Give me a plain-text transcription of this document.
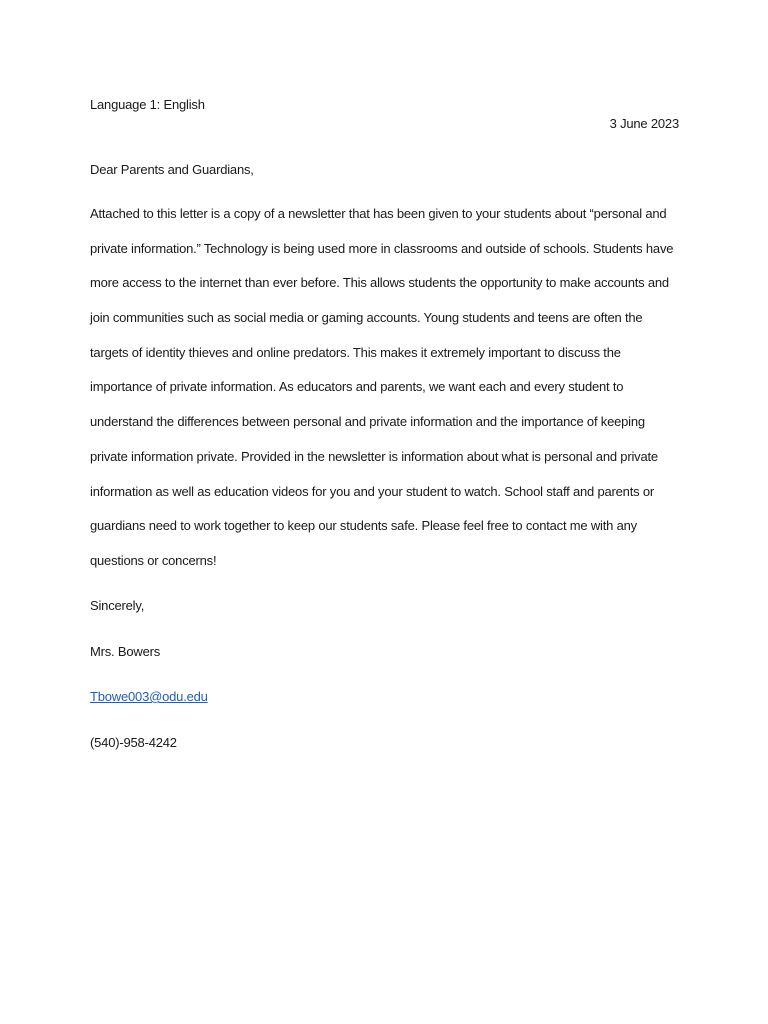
Language 1: English
3 June 2023
Dear Parents and Guardians,
Attached to this letter is a copy of a newsletter that has been given to your students about “personal and
private information.” Technology is being used more in classrooms and outside of schools. Students have
more access to the internet than ever before. This allows students the opportunity to make accounts and
join communities such as social media or gaming accounts. Young students and teens are often the
targets of identity thieves and online predators. This makes it extremely important to discuss the
importance of private information. As educators and parents, we want each and every student to
understand the differences between personal and private information and the importance of keeping
private information private. Provided in the newsletter is information about what is personal and private
information as well as education videos for you and your student to watch. School staff and parents or
guardians need to work together to keep our students safe. Please feel free to contact me with any
questions or concerns!
Sincerely,
Mrs. Bowers
Tbowe003@odu.edu
(540)-958-4242
